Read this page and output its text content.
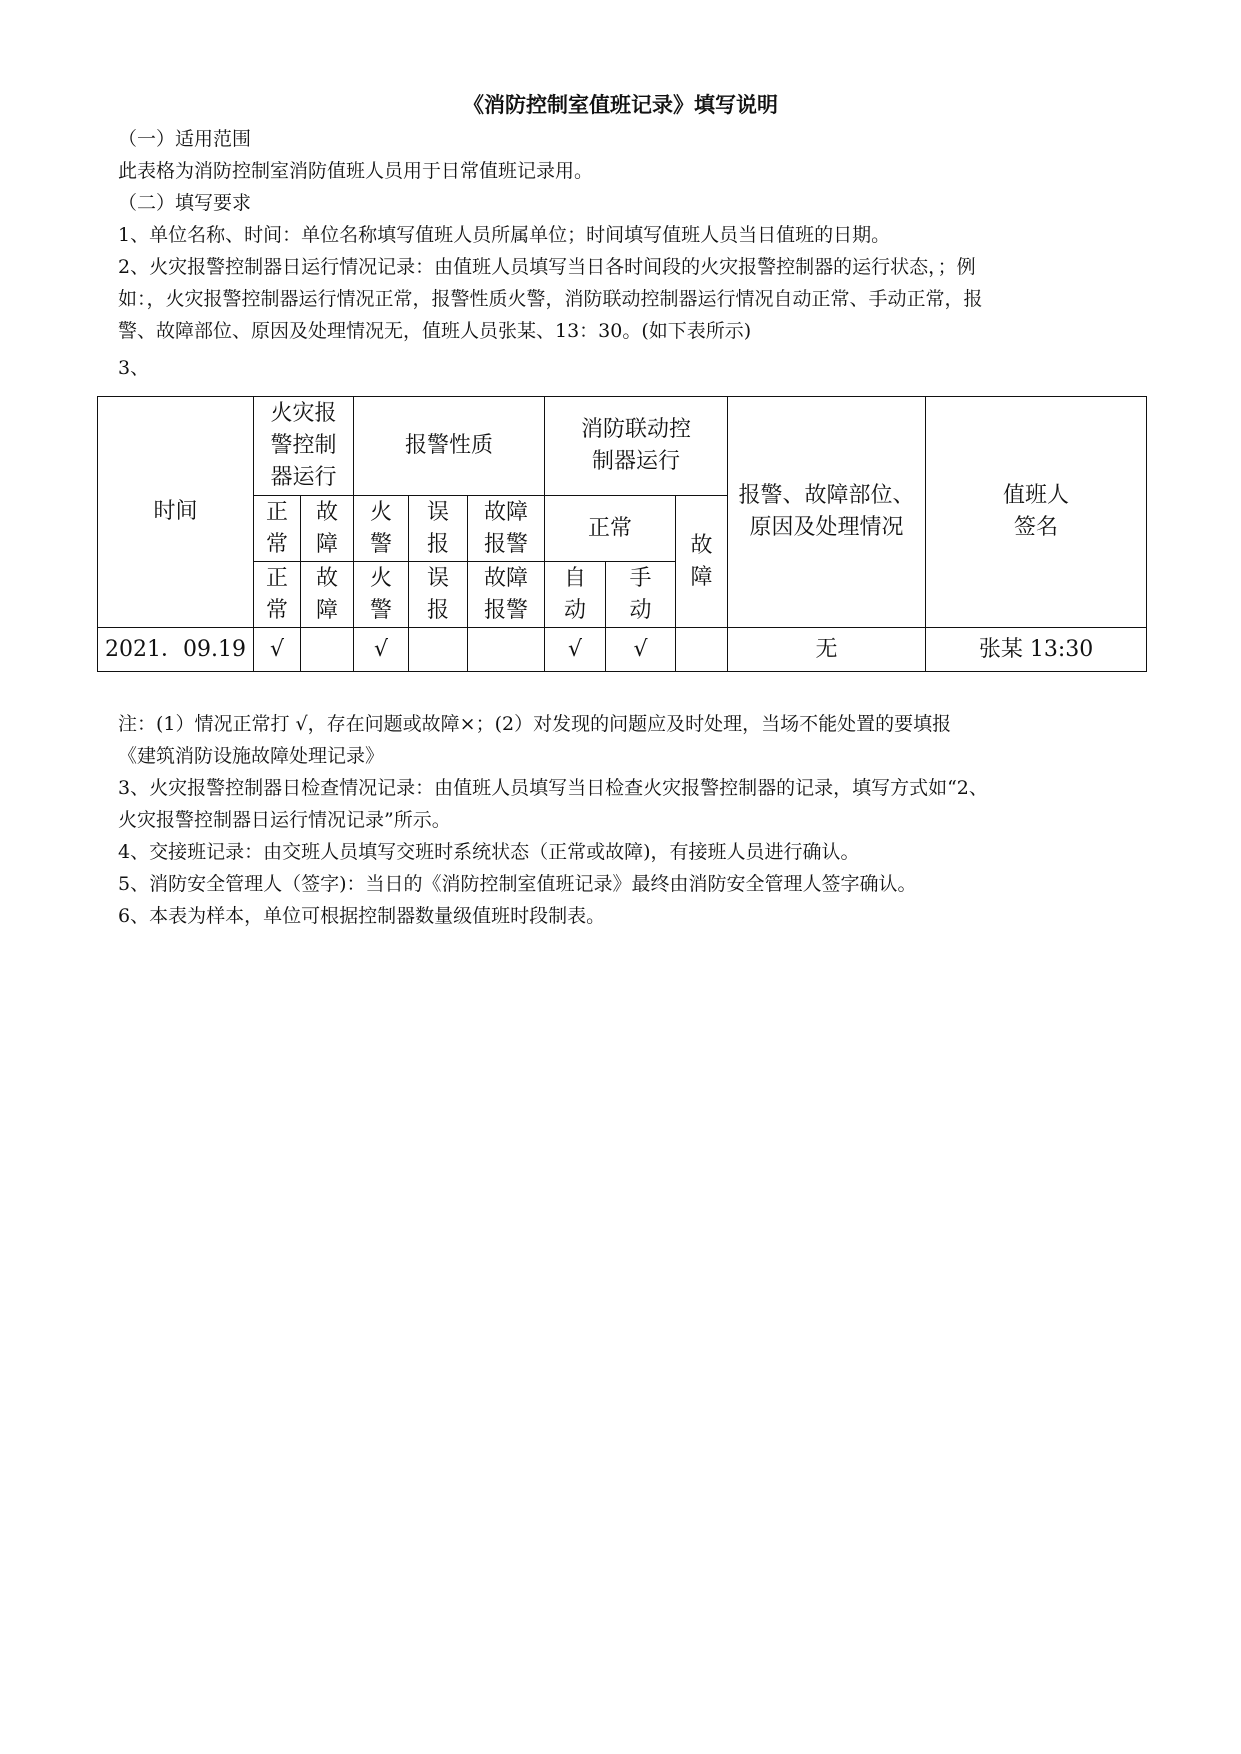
《消防控制室值班记录》填写说明
（一）适用范围
此表格为消防控制室消防值班人员用于日常值班记录用。
（二）填写要求
1、单位名称、时间：单位名称填写值班人员所属单位；时间填写值班人员当日值班的日期。
2、火灾报警控制器日运行情况记录：由值班人员填写当日各时间段的火灾报警控制器的运行状态，；例
如：，火灾报警控制器运行情况正常，报警性质火警，消防联动控制器运行情况自动正常、手动正常，报
警、故障部位、原因及处理情况无，值班人员张某、13：30。(如下表所示)
3、
时间	火灾报警控制器运行		报警性质			消防联动控制器运行			报警、故障部位、原因及处理情况	值班人签名
	正常	故障	火警	误报	故障报警	正常		故障		
	正常	故障	火警	误报	故障报警	自动	手动			
2021．09.19	√		√			√	√		无	张某 13:30
注：(1）情况正常打 √，存在问题或故障×；(2）对发现的问题应及时处理，当场不能处置的要填报
《建筑消防设施故障处理记录》
3、火灾报警控制器日检查情况记录：由值班人员填写当日检查火灾报警控制器的记录，填写方式如“2、
火灾报警控制器日运行情况记录”所示。
4、交接班记录：由交班人员填写交班时系统状态（正常或故障)，有接班人员进行确认。
5、消防安全管理人（签字)：当日的《消防控制室值班记录》最终由消防安全管理人签字确认。
6、本表为样本，单位可根据控制器数量级值班时段制表。
